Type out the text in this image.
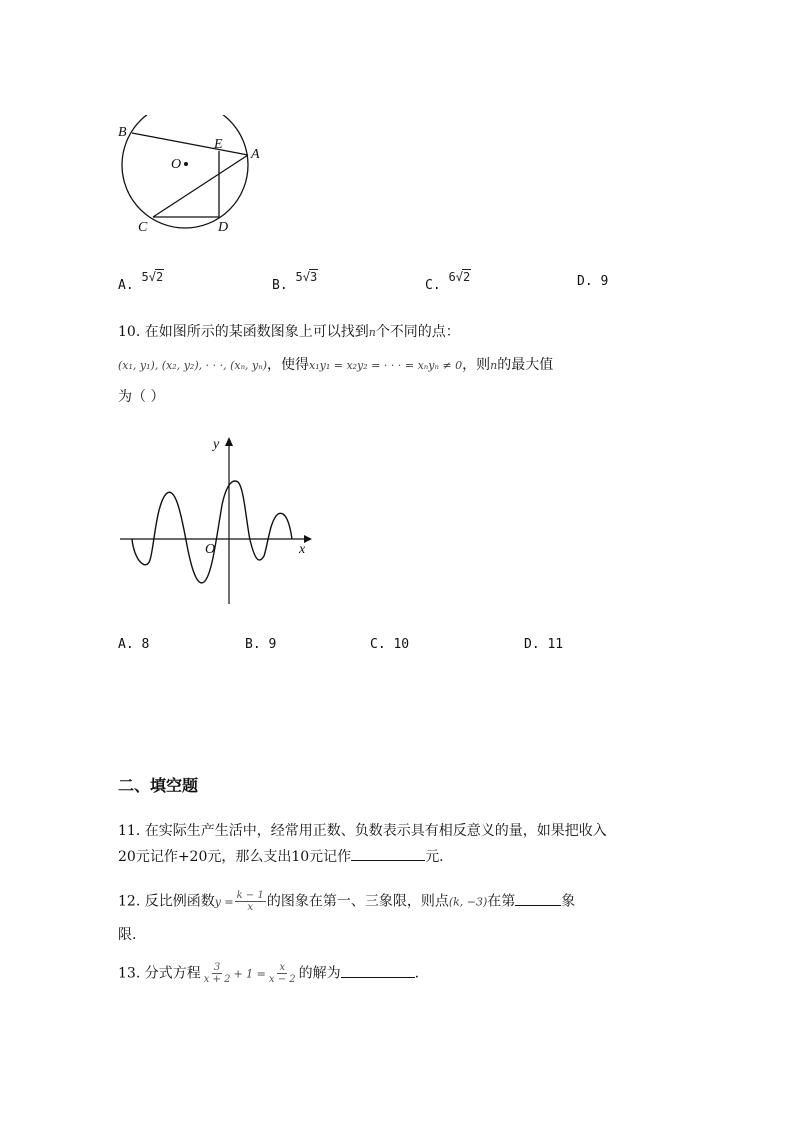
B
E
A
O
C	D
A. 5√2
B. 5√3
C. 6√2	D. 9
10. 在如图所示的某函数图象上可以找到n个不同的点：
(x₁, y₁), (x₂, y₂), · · ·, (xₙ, yₙ)，使得x₁y₁ = x₂y₂ = · · · = xₙyₙ ≠ 0，则n的最大值
为（ ）
y
x
O
A. 8	B. 9	C. 10	D. 11
二、填空题
11. 在实际生产生活中，经常用正数、负数表示具有相反意义的量，如果把收入
20元记作+20元，那么支出10元记作	元.
12. 反比例函数$y = \frac{k - 1}{x}$ 的图象在第一、三象限，则点(k, −3)在第	象
限.
13. 分式方程 $\frac{3}{x + 2} + 1 = \frac{x}{x - 2}$ 的解为	.
